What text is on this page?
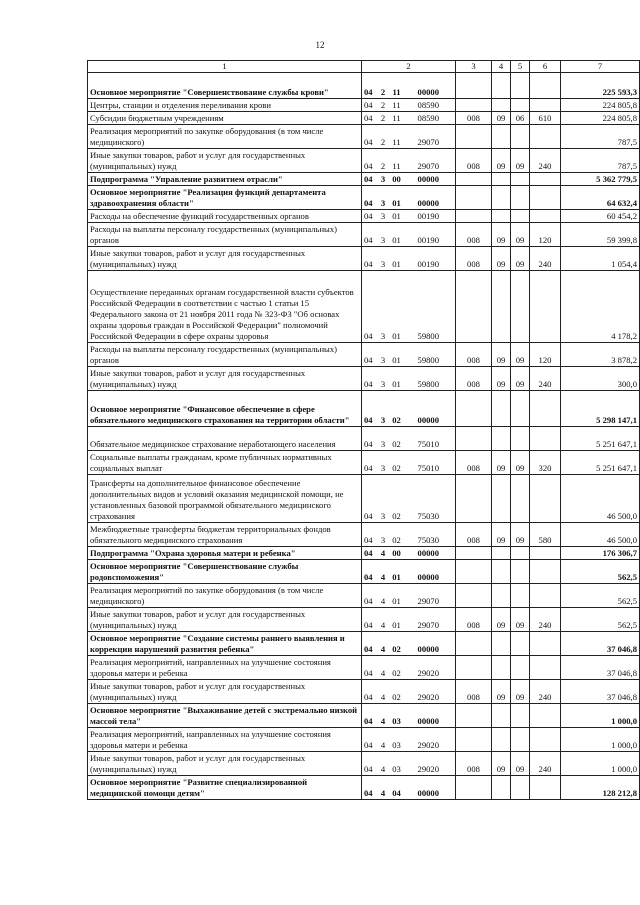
12
1	2	3	4	5	6	7
Основное мероприятие "Совершенствование службы крови"	04 2 11 00000					225 593,3
Центры, станции и отделения переливания крови	04 2 11 08590					224 805,8
Субсидии бюджетным учреждениям	04 2 11 08590	008	09	06	610	224 805,8
Реализация мероприятий по закупке оборудования (в том числе медицинского)	04 2 11 29070					787,5
Иные закупки товаров, работ и услуг для государственных (муниципальных) нужд	04 2 11 29070	008	09	09	240	787,5
Подпрограмма "Управление развитием отрасли"	04 3 00 00000					5 362 779,5
Основное мероприятие "Реализация функций департамента здравоохранения области"	04 3 01 00000					64 632,4
Расходы на обеспечение функций государственных органов	04 3 01 00190					60 454,2
Расходы на выплаты персоналу государственных (муниципальных) органов	04 3 01 00190	008	09	09	120	59 399,8
Иные закупки товаров, работ и услуг для государственных (муниципальных) нужд	04 3 01 00190	008	09	09	240	1 054,4
Осуществление переданных органам государственной власти субъектов Российской Федерации в соответствии с частью 1 статьи 15 Федерального закона от 21 ноября 2011 года № 323-ФЗ "Об основах охраны здоровья граждан в Российской Федерации" полномочий Российской Федерации в сфере охраны здоровья	04 3 01 59800					4 178,2
Расходы на выплаты персоналу государственных (муниципальных) органов	04 3 01 59800	008	09	09	120	3 878,2
Иные закупки товаров, работ и услуг для государственных (муниципальных) нужд	04 3 01 59800	008	09	09	240	300,0
Основное мероприятие "Финансовое обеспечение в сфере обязательного медицинского страхования на территории области"	04 3 02 00000					5 298 147,1
Обязательное медицинское страхование неработающего населения	04 3 02 75010					5 251 647,1
Социальные выплаты гражданам, кроме публичных нормативных социальных выплат	04 3 02 75010	008	09	09	320	5 251 647,1
Трансферты на дополнительное финансовое обеспечение дополнительных видов и условий оказания медицинской помощи, не установленных базовой программой обязательного медицинского страхования	04 3 02 75030					46 500,0
Межбюджетные трансферты бюджетам территориальных фондов обязательного медицинского страхования	04 3 02 75030	008	09	09	580	46 500,0
Подпрограмма "Охрана здоровья матери и ребенка"	04 4 00 00000					176 306,7
Основное мероприятие "Совершенствование службы родовспоможения"	04 4 01 00000					562,5
Реализация мероприятий по закупке оборудования (в том числе медицинского)	04 4 01 29070					562,5
Иные закупки товаров, работ и услуг для государственных (муниципальных) нужд	04 4 01 29070	008	09	09	240	562,5
Основное мероприятие "Создание системы раннего выявления и коррекции нарушений развития ребенка"	04 4 02 00000					37 046,8
Реализация мероприятий, направленных на улучшение состояния здоровья матери и ребенка	04 4 02 29020					37 046,8
Иные закупки товаров, работ и услуг для государственных (муниципальных) нужд	04 4 02 29020	008	09	09	240	37 046,8
Основное мероприятие "Выхаживание детей с экстремально низкой массой тела"	04 4 03 00000					1 000,0
Реализация мероприятий, направленных на улучшение состояния здоровья матери и ребенка	04 4 03 29020					1 000,0
Иные закупки товаров, работ и услуг для государственных (муниципальных) нужд	04 4 03 29020	008	09	09	240	1 000,0
Основное мероприятие "Развитие специализированной медицинской помощи детям"	04 4 04 00000					128 212,8
